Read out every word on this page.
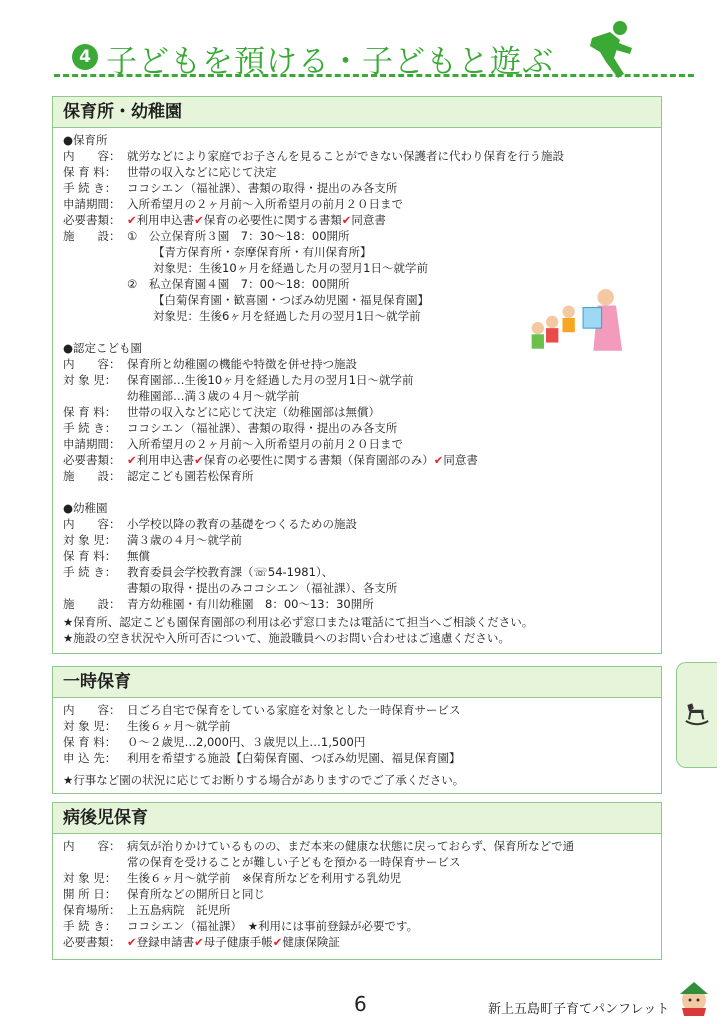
4 子どもを預ける・子どもと遊ぶ
保育所・幼稚園
●保育所
内　　容： 就労などにより家庭でお子さんを見ることができない保護者に代わり保育を行う施設
保 育 料： 世帯の収入などに応じて決定
手 続 き： ココシエン（福祉課）、書類の取得・提出のみ各支所
申請期間： 入所希望月の２ヶ月前～入所希望月の前月２０日まで
必要書類： ✔利用申込書✔保育の必要性に関する書類✔同意書
施　　設： ①　公立保育所３園　7：30～18：00開所
【青方保育所・奈摩保育所・有川保育所】
対象児：生後10ヶ月を経過した月の翌月1日～就学前
②　私立保育園４園　7：00～18：00開所
【白菊保育園・歓喜園・つぼみ幼児園・福見保育園】
対象児：生後6ヶ月を経過した月の翌月1日～就学前
●認定こども園
内　　容： 保育所と幼稚園の機能や特徴を併せ持つ施設
対 象 児： 保育園部…生後10ヶ月を経過した月の翌月1日～就学前
幼稚園部…満３歳の４月～就学前
保 育 料： 世帯の収入などに応じて決定（幼稚園部は無償）
手 続 き： ココシエン（福祉課）、書類の取得・提出のみ各支所
申請期間： 入所希望月の２ヶ月前～入所希望月の前月２０日まで
必要書類： ✔利用申込書✔保育の必要性に関する書類（保育園部のみ）✔同意書
施　　設： 認定こども園若松保育所
●幼稚園
内　　容： 小学校以降の教育の基礎をつくるための施設
対 象 児： 満３歳の４月～就学前
保 育 料： 無償
手 続 き： 教育委員会学校教育課（☏54-1981）、
書類の取得・提出のみココシエン（福祉課）、各支所
施　　設： 青方幼稚園・有川幼稚園　8：00～13：30開所
★保育所、認定こども園保育園部の利用は必ず窓口または電話にて担当へご相談ください。
★施設の空き状況や入所可否について、施設職員へのお問い合わせはご遠慮ください。
一時保育
内　　容： 日ごろ自宅で保育をしている家庭を対象とした一時保育サービス
対 象 児： 生後６ヶ月～就学前
保 育 料： ０～２歳児…2,000円、３歳児以上…1,500円
申 込 先： 利用を希望する施設【白菊保育園、つぼみ幼児園、福見保育園】
★行事など園の状況に応じてお断りする場合がありますのでご了承ください。
病後児保育
内　　容： 病気が治りかけているものの、まだ本来の健康な状態に戻っておらず、保育所などで通
常の保育を受けることが難しい子どもを預かる一時保育サービス
対 象 児： 生後６ヶ月～就学前　※保育所などを利用する乳幼児
開 所 日： 保育所などの開所日と同じ
保育場所： 上五島病院　託児所
手 続 き： ココシエン（福祉課）　★利用には事前登録が必要です。
必要書類： ✔登録申請書✔母子健康手帳✔健康保険証
6	新上五島町子育てパンフレット
